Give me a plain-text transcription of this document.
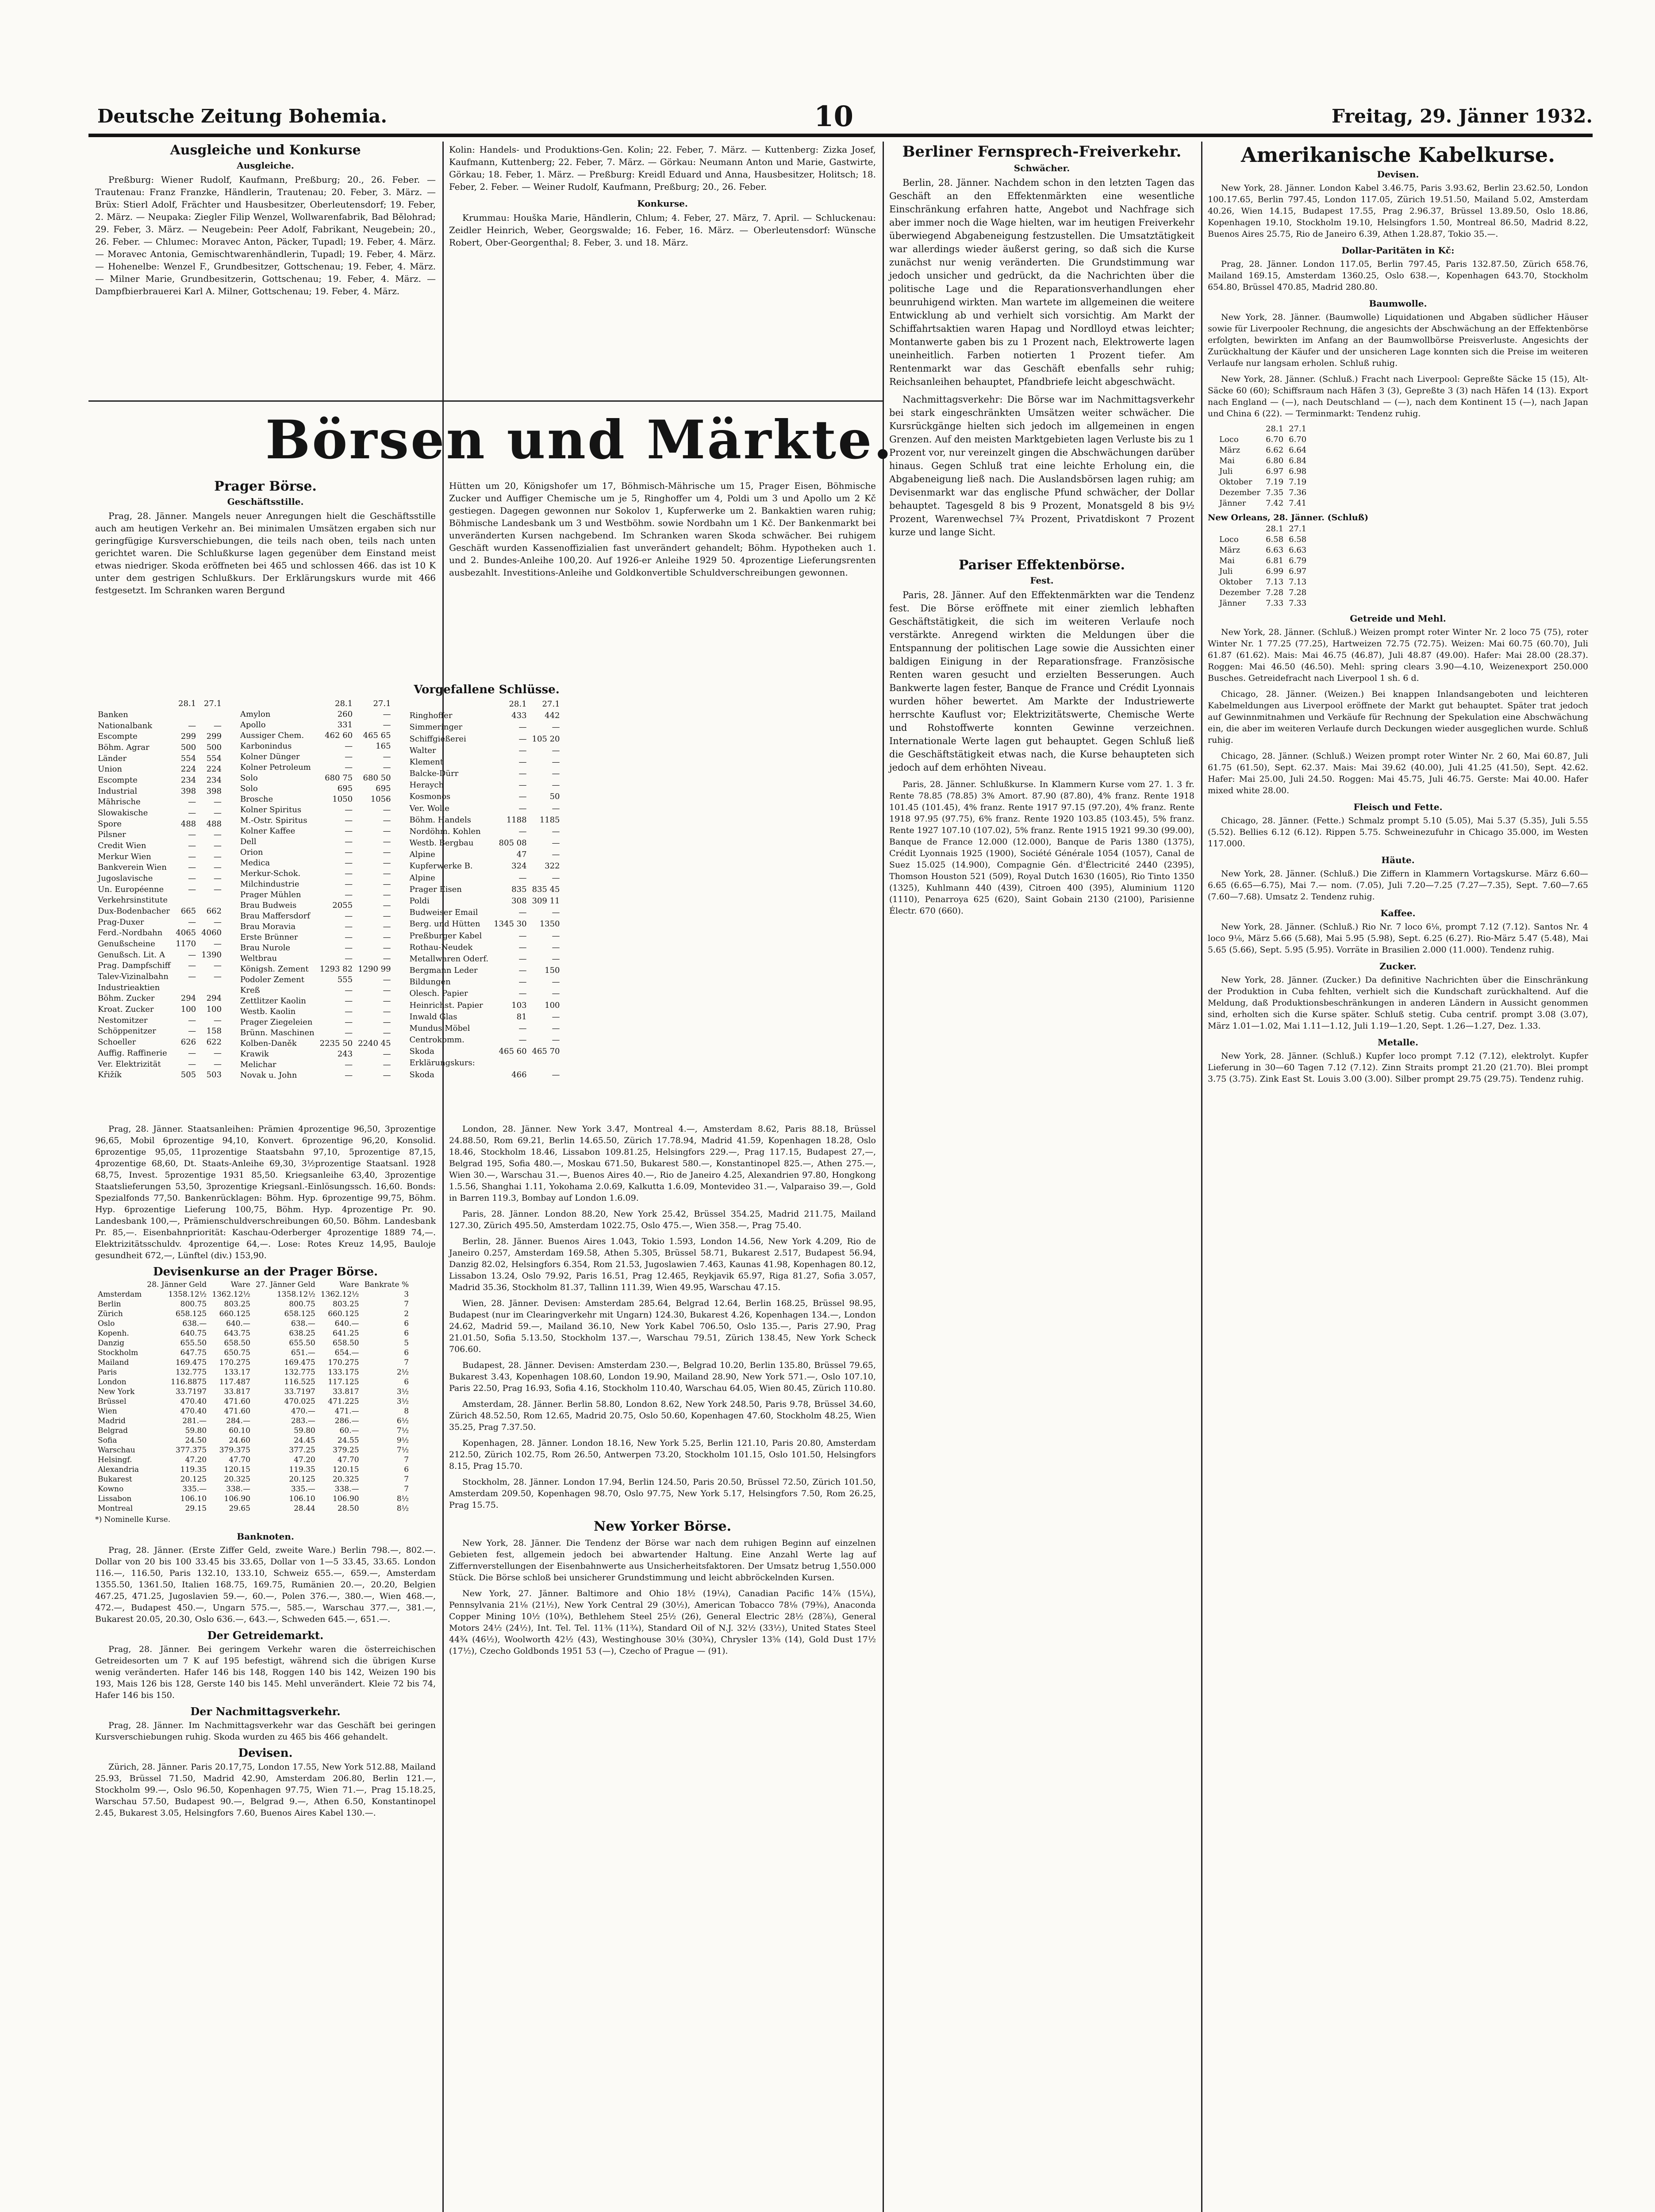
Deutsche Zeitung Bohemia.	10	Freitag, 29. Jänner 1932.
Ausgleiche und Konkurse
Ausgleiche.
Preßburg: Wiener Rudolf, Kaufmann, Preßburg; 20., 26. Feber. — Trautenau: Franz Franzke, Händlerin, Trautenau; 20. Feber, 3. März. — Brüx: Stierl Adolf, Frächter und Hausbesitzer, Oberleutensdorf; 19. Feber, 2. März. — Neupaka: Ziegler Filip Wenzel, Wollwarenfabrik, Bad Bělohrad; 29. Feber, 3. März. — Neugebein: Peer Adolf, Fabrikant, Neugebein; 20., 26. Feber. — Chlumec: Moravec Anton, Päcker, Tupadl; 19. Feber, 4. März. — Moravec Antonia, Gemischtwarenhändlerin, Tupadl; 19. Feber, 4. März. — Hohenelbe: Wenzel F., Grundbesitzer, Gottschenau; 19. Feber, 4. März. — Milner Marie, Grundbesitzerin, Gottschenau; 19. Feber, 4. März. — Dampfbierbrauerei Karl A. Milner, Gottschenau; 19. Feber, 4. März.
Kolin: Handels- und Produktions-Gen. Kolin; 22. Feber, 7. März. — Kuttenberg: Zizka Josef, Kaufmann, Kuttenberg; 22. Feber, 7. März. — Görkau: Neumann Anton und Marie, Gastwirte, Görkau; 18. Feber, 1. März. — Preßburg: Kreidl Eduard und Anna, Hausbesitzer, Holitsch; 18. Feber, 2. Feber. — Weiner Rudolf, Kaufmann, Preßburg; 20., 26. Feber.
Konkurse.
Krummau: Houška Marie, Händlerin, Chlum; 4. Feber, 27. März, 7. April. — Schluckenau: Zeidler Heinrich, Weber, Georgswalde; 16. Feber, 16. März. — Oberleutensdorf: Wünsche Robert, Ober-Georgenthal; 8. Feber, 3. und 18. März.
Börsen und Märkte.
Prager Börse.
Geschäftsstille.
Prag, 28. Jänner. Mangels neuer Anregungen hielt die Geschäftsstille auch am heutigen Verkehr an. Bei minimalen Umsätzen ergaben sich nur geringfügige Kursverschiebungen, die teils nach oben, teils nach unten gerichtet waren. Die Schlußkurse lagen gegenüber dem Einstand meist etwas niedriger. Skoda eröffneten bei 465 und schlossen 466. das ist 10 K unter dem gestrigen Schlußkurs. Der Erklärungskurs wurde mit 466 festgesetzt. Im Schranken waren Bergund
Hütten um 20, Königshofer um 17, Böhmisch-Mährische um 15, Prager Eisen, Böhmische Zucker und Auffiger Chemische um je 5, Ringhoffer um 4, Poldi um 3 und Apollo um 2 Kč gestiegen. Dagegen gewonnen nur Sokolov 1, Kupferwerke um 2. Bankaktien waren ruhig; Böhmische Landesbank um 3 und Westböhm. sowie Nordbahn um 1 Kč. Der Bankenmarkt bei unveränderten Kursen nachgebend. Im Schranken waren Skoda schwächer. Bei ruhigem Geschäft wurden Kassenoffizialien fast unverändert gehandelt; Böhm. Hypotheken auch 1. und 2. Bundes-Anleihe 100,20. Auf 1926-er Anleihe 1929 50. 4prozentige Lieferungsrenten ausbezahlt. Investitions-Anleihe und Goldkonvertible Schuldverschreibungen gewonnen.
Vorgefallene Schlüsse.
	28.1	27.1
Banken		
Nationalbank	—	—
Escompte	299	299
Böhm. Agrar	500	500
Länder	554	554
Union	224	224
Escompte	234	234
Industrial	398	398
Mährische	—	—
Slowakische	—	—
Spore	488	488
Pilsner	—	—
Credit Wien	—	—
Merkur Wien	—	—
Bankverein Wien	—	—
Jugoslavische	—	—
Un. Européenne	—	—
Verkehrsinstitute		
Dux-Bodenbacher	665	662
Prag-Duxer	—	—
Ferd.-Nordbahn	4065	4060
Genußscheine	1170	—
Genußsch. Lit. A	—	1390
Prag. Dampfschiff	—	—
Talev-Vizinalbahn	—	—
Industrieaktien		
Böhm. Zucker	294	294
Kroat. Zucker	100	100
Nestomitzer	—	—
Schöppenitzer	—	158
Schoeller	626	622
Auffig. Raffinerie	—	—
Ver. Elektrizität	—	—
Křižík	505	503
	28.1	27.1
Amylon	260	—
Apollo	331	—
Aussiger Chem.	462 60	465 65
Karbonindus	—	165
Kolner Dünger	—	—
Kolner Petroleum	—	—
Solo	680 75	680 50
Solo	695	695
Brosche	1050	1056
Kolner Spiritus	—	—
M.-Ostr. Spiritus	—	—
Kolner Kaffee	—	—
Dell	—	—
Orion	—	—
Medica	—	—
Merkur-Schok.	—	—
Milchindustrie	—	—
Prager Mühlen	—	—
Brau Budweis	2055	—
Brau Maffersdorf	—	—
Brau Moravia	—	—
Erste Brünner	—	—
Brau Nurole	—	—
Weltbrau	—	—
Königsh. Zement	1293 82	1290 99
Podoler Zement	555	—
Kreß	—	—
Zettlitzer Kaolin	—	—
Westb. Kaolin	—	—
Prager Ziegeleien	—	—
Brünn. Maschinen	—	—
Kolben-Daněk	2235 50	2240 45
Krawik	243	—
Melichar	—	—
Novak u. John	—	—
	28.1	27.1
Ringhoffer	433	442
Simmeringer	—	—
Schiffgießerei	—	105 20
Walter	—	—
Klement	—	—
Balcke-Dürr	—	—
Heraych	—	—
Kosmonos	—	50
Ver. Wolle	—	—
Böhm. Handels	1188	1185
Nordöhm. Kohlen	—	—
Westb. Bergbau	805 08	—
Alpine	47	—
Kupferwerke B.	324	322
Alpine	—	—
Prager Eisen	835	835 45
Poldi	308	309 11
Budweiser Email	—	—
Berg. und Hütten	1345 30	1350
Preßburger Kabel	—	—
Rothau-Neudek	—	—
Metallwaren Oderf.	—	—
Bergmann Leder	—	150
Bildungen	—	—
Olesch. Papier	—	—
Heinrichst. Papier	103	100
Inwald Glas	81	—
Mundus Möbel	—	—
Centrokomm.	—	—
Skoda	465 60	465 70
Erklärungskurs:		
Skoda	466	—
Prag, 28. Jänner. Staatsanleihen: Prämien 4prozentige 96,50, 3prozentige 96,65, Mobil 6prozentige 94,10, Konvert. 6prozentige 96,20, Konsolid. 6prozentige 95,05, 11prozentige Staatsbahn 97,10, 5prozentige 87,15, 4prozentige 68,60, Dt. Staats-Anleihe 69,30, 3½prozentige Staatsanl. 1928 68,75, Invest. 5prozentige 1931 85,50. Kriegsanleihe 63,40, 3prozentige Staatslieferungen 53,50, 3prozentige Kriegsanl.-Einlösungssch. 16,60. Bonds: Spezialfonds 77,50. Bankenrücklagen: Böhm. Hyp. 6prozentige 99,75, Böhm. Hyp. 6prozentige Lieferung 100,75, Böhm. Hyp. 4prozentige Pr. 90. Landesbank 100,—, Prämienschuldverschreibungen 60,50. Böhm. Landesbank Pr. 85,—. Eisenbahnpriorität: Kaschau-Oderberger 4prozentige 1889 74,—. Elektrizitätsschuldv. 4prozentige 64,—. Lose: Rotes Kreuz 14,95, Bauloje gesundheit 672,—, Lünftel (div.) 153,90.
Devisenkurse an der Prager Börse.
	28. Jänner Geld	Ware	27. Jänner Geld	Ware	Bankrate %
Amsterdam	1358.12½	1362.12½	1358.12½	1362.12½	3
Berlin	800.75	803.25	800.75	803.25	7
Zürich	658.125	660.125	658.125	660.125	2
Oslo	638.—	640.—	638.—	640.—	6
Kopenh.	640.75	643.75	638.25	641.25	6
Danzig	655.50	658.50	655.50	658.50	5
Stockholm	647.75	650.75	651.—	654.—	6
Mailand	169.475	170.275	169.475	170.275	7
Paris	132.775	133.17	132.775	133.175	2½
London	116.8875	117.487	116.525	117.125	6
New York	33.7197	33.817	33.7197	33.817	3½
Brüssel	470.40	471.60	470.025	471.225	3½
Wien	470.40	471.60	470.—	471.—	8
Madrid	281.—	284.—	283.—	286.—	6½
Belgrad	59.80	60.10	59.80	60.—	7½
Sofia	24.50	24.60	24.45	24.55	9½
Warschau	377.375	379.375	377.25	379.25	7½
Helsingf.	47.20	47.70	47.20	47.70	7
Alexandria	119.35	120.15	119.35	120.15	6
Bukarest	20.125	20.325	20.125	20.325	7
Kowno	335.—	338.—	335.—	338.—	7
Lissabon	106.10	106.90	106.10	106.90	8½
Montreal	29.15	29.65	28.44	28.50	8½
*) Nominelle Kurse.
Banknoten.
Prag, 28. Jänner. (Erste Ziffer Geld, zweite Ware.) Berlin 798.—, 802.—. Dollar von 20 bis 100 33.45 bis 33.65, Dollar von 1—5 33.45, 33.65. London 116.—, 116.50, Paris 132.10, 133.10, Schweiz 655.—, 659.—, Amsterdam 1355.50, 1361.50, Italien 168.75, 169.75, Rumänien 20.—, 20.20, Belgien 467.25, 471.25, Jugoslavien 59.—, 60.—, Polen 376.—, 380.—, Wien 468.—, 472.—, Budapest 450.—, Ungarn 575.—, 585.—, Warschau 377.—, 381.—, Bukarest 20.05, 20.30, Oslo 636.—, 643.—, Schweden 645.—, 651.—.
Der Getreidemarkt.
Prag, 28. Jänner. Bei geringem Verkehr waren die österreichischen Getreidesorten um 7 K auf 195 befestigt, während sich die übrigen Kurse wenig veränderten. Hafer 146 bis 148, Roggen 140 bis 142, Weizen 190 bis 193, Mais 126 bis 128, Gerste 140 bis 145. Mehl unverändert. Kleie 72 bis 74, Hafer 146 bis 150.
Der Nachmittagsverkehr.
Prag, 28. Jänner. Im Nachmittagsverkehr war das Geschäft bei geringen Kursverschiebungen ruhig. Skoda wurden zu 465 bis 466 gehandelt.
Devisen.
Zürich, 28. Jänner. Paris 20.17,75, London 17.55, New York 512.88, Mailand 25.93, Brüssel 71.50, Madrid 42.90, Amsterdam 206.80, Berlin 121.—, Stockholm 99.—, Oslo 96.50, Kopenhagen 97.75, Wien 71.—, Prag 15.18.25, Warschau 57.50, Budapest 90.—, Belgrad 9.—, Athen 6.50, Konstantinopel 2.45, Bukarest 3.05, Helsingfors 7.60, Buenos Aires Kabel 130.—.
London, 28. Jänner. New York 3.47, Montreal 4.—, Amsterdam 8.62, Paris 88.18, Brüssel 24.88.50, Rom 69.21, Berlin 14.65.50, Zürich 17.78.94, Madrid 41.59, Kopenhagen 18.28, Oslo 18.46, Stockholm 18.46, Lissabon 109.81.25, Helsingfors 229.—, Prag 117.15, Budapest 27,—, Belgrad 195, Sofia 480.—, Moskau 671.50, Bukarest 580.—, Konstantinopel 825.—, Athen 275.—, Wien 30.—, Warschau 31.—, Buenos Aires 40.—, Rio de Janeiro 4.25, Alexandrien 97.80, Hongkong 1.5.56, Shanghai 1.11, Yokohama 2.0.69, Kalkutta 1.6.09, Montevideo 31.—, Valparaiso 39.—, Gold in Barren 119.3, Bombay auf London 1.6.09.
Paris, 28. Jänner. London 88.20, New York 25.42, Brüssel 354.25, Madrid 211.75, Mailand 127.30, Zürich 495.50, Amsterdam 1022.75, Oslo 475.—, Wien 358.—, Prag 75.40.
Berlin, 28. Jänner. Buenos Aires 1.043, Tokio 1.593, London 14.56, New York 4.209, Rio de Janeiro 0.257, Amsterdam 169.58, Athen 5.305, Brüssel 58.71, Bukarest 2.517, Budapest 56.94, Danzig 82.02, Helsingfors 6.354, Rom 21.53, Jugoslawien 7.463, Kaunas 41.98, Kopenhagen 80.12, Lissabon 13.24, Oslo 79.92, Paris 16.51, Prag 12.465, Reykjavik 65.97, Riga 81.27, Sofia 3.057, Madrid 35.36, Stockholm 81.37, Tallinn 111.39, Wien 49.95, Warschau 47.15.
Wien, 28. Jänner. Devisen: Amsterdam 285.64, Belgrad 12.64, Berlin 168.25, Brüssel 98.95, Budapest (nur im Clearingverkehr mit Ungarn) 124.30, Bukarest 4.26, Kopenhagen 134.—, London 24.62, Madrid 59.—, Mailand 36.10, New York Kabel 706.50, Oslo 135.—, Paris 27.90, Prag 21.01.50, Sofia 5.13.50, Stockholm 137.—, Warschau 79.51, Zürich 138.45, New York Scheck 706.60.
Budapest, 28. Jänner. Devisen: Amsterdam 230.—, Belgrad 10.20, Berlin 135.80, Brüssel 79.65, Bukarest 3.43, Kopenhagen 108.60, London 19.90, Mailand 28.90, New York 571.—, Oslo 107.10, Paris 22.50, Prag 16.93, Sofia 4.16, Stockholm 110.40, Warschau 64.05, Wien 80.45, Zürich 110.80.
Amsterdam, 28. Jänner. Berlin 58.80, London 8.62, New York 248.50, Paris 9.78, Brüssel 34.60, Zürich 48.52.50, Rom 12.65, Madrid 20.75, Oslo 50.60, Kopenhagen 47.60, Stockholm 48.25, Wien 35.25, Prag 7.37.50.
Kopenhagen, 28. Jänner. London 18.16, New York 5.25, Berlin 121.10, Paris 20.80, Amsterdam 212.50, Zürich 102.75, Rom 26.50, Antwerpen 73.20, Stockholm 101.15, Oslo 101.50, Helsingfors 8.15, Prag 15.70.
Stockholm, 28. Jänner. London 17.94, Berlin 124.50, Paris 20.50, Brüssel 72.50, Zürich 101.50, Amsterdam 209.50, Kopenhagen 98.70, Oslo 97.75, New York 5.17, Helsingfors 7.50, Rom 26.25, Prag 15.75.
New Yorker Börse.
New York, 28. Jänner. Die Tendenz der Börse war nach dem ruhigen Beginn auf einzelnen Gebieten fest, allgemein jedoch bei abwartender Haltung. Eine Anzahl Werte lag auf Ziffernverstellungen der Eisenbahnwerte aus Unsicherheitsfaktoren. Der Umsatz betrug 1,550.000 Stück. Die Börse schloß bei unsicherer Grundstimmung und leicht abbröckelnden Kursen.
New York, 27. Jänner. Baltimore and Ohio 18½ (19¼), Canadian Pacific 14⅞ (15¼), Pennsylvania 21⅛ (21½), New York Central 29 (30½), American Tobacco 78⅛ (79⅜), Anaconda Copper Mining 10½ (10¾), Bethlehem Steel 25½ (26), General Electric 28½ (28⅞), General Motors 24½ (24½), Int. Tel. Tel. 11⅜ (11¾), Standard Oil of N.J. 32½ (33½), United States Steel 44¾ (46½), Woolworth 42½ (43), Westinghouse 30⅛ (30¾), Chrysler 13⅝ (14), Gold Dust 17½ (17½), Czecho Goldbonds 1951 53 (—), Czecho of Prague — (91).
Berliner Fernsprech-Freiverkehr.
Schwächer.
Berlin, 28. Jänner. Nachdem schon in den letzten Tagen das Geschäft an den Effektenmärkten eine wesentliche Einschränkung erfahren hatte, Angebot und Nachfrage sich aber immer noch die Wage hielten, war im heutigen Freiverkehr überwiegend Abgabeneigung festzustellen. Die Umsatztätigkeit war allerdings wieder äußerst gering, so daß sich die Kurse zunächst nur wenig veränderten. Die Grundstimmung war jedoch unsicher und gedrückt, da die Nachrichten über die politische Lage und die Reparationsverhandlungen eher beunruhigend wirkten. Man wartete im allgemeinen die weitere Entwicklung ab und verhielt sich vorsichtig. Am Markt der Schiffahrtsaktien waren Hapag und Nordlloyd etwas leichter; Montanwerte gaben bis zu 1 Prozent nach, Elektrowerte lagen uneinheitlich. Farben notierten 1 Prozent tiefer. Am Rentenmarkt war das Geschäft ebenfalls sehr ruhig; Reichsanleihen behauptet, Pfandbriefe leicht abgeschwächt.
Nachmittagsverkehr: Die Börse war im Nachmittagsverkehr bei stark eingeschränkten Umsätzen weiter schwächer. Die Kursrückgänge hielten sich jedoch im allgemeinen in engen Grenzen. Auf den meisten Marktgebieten lagen Verluste bis zu 1 Prozent vor, nur vereinzelt gingen die Abschwächungen darüber hinaus. Gegen Schluß trat eine leichte Erholung ein, die Abgabeneigung ließ nach. Die Auslandsbörsen lagen ruhig; am Devisenmarkt war das englische Pfund schwächer, der Dollar behauptet. Tagesgeld 8 bis 9 Prozent, Monatsgeld 8 bis 9½ Prozent, Warenwechsel 7¾ Prozent, Privatdiskont 7 Prozent kurze und lange Sicht.
Pariser Effektenbörse.
Fest.
Paris, 28. Jänner. Auf den Effektenmärkten war die Tendenz fest. Die Börse eröffnete mit einer ziemlich lebhaften Geschäftstätigkeit, die sich im weiteren Verlaufe noch verstärkte. Anregend wirkten die Meldungen über die Entspannung der politischen Lage sowie die Aussichten einer baldigen Einigung in der Reparationsfrage. Französische Renten waren gesucht und erzielten Besserungen. Auch Bankwerte lagen fester, Banque de France und Crédit Lyonnais wurden höher bewertet. Am Markte der Industriewerte herrschte Kauflust vor; Elektrizitätswerte, Chemische Werte und Rohstoffwerte konnten Gewinne verzeichnen. Internationale Werte lagen gut behauptet. Gegen Schluß ließ die Geschäftstätigkeit etwas nach, die Kurse behaupteten sich jedoch auf dem erhöhten Niveau.
Paris, 28. Jänner. Schlußkurse. In Klammern Kurse vom 27. 1. 3 fr. Rente 78.85 (78.85) 3% Amort. 87.90 (87.80), 4% franz. Rente 1918 101.45 (101.45), 4% franz. Rente 1917 97.15 (97.20), 4% franz. Rente 1918 97.95 (97.75), 6% franz. Rente 1920 103.85 (103.45), 5% franz. Rente 1927 107.10 (107.02), 5% franz. Rente 1915 1921 99.30 (99.00), Banque de France 12.000 (12.000), Banque de Paris 1380 (1375), Crédit Lyonnais 1925 (1900), Société Générale 1054 (1057), Canal de Suez 15.025 (14.900), Compagnie Gén. d'Électricité 2440 (2395), Thomson Houston 521 (509), Royal Dutch 1630 (1605), Rio Tinto 1350 (1325), Kuhlmann 440 (439), Citroen 400 (395), Aluminium 1120 (1110), Penarroya 625 (620), Saint Gobain 2130 (2100), Parisienne Électr. 670 (660).
Amerikanische Kabelkurse.
Devisen.
New York, 28. Jänner. London Kabel 3.46.75, Paris 3.93.62, Berlin 23.62.50, London 100.17.65, Berlin 797.45, London 117.05, Zürich 19.51.50, Mailand 5.02, Amsterdam 40.26, Wien 14.15, Budapest 17.55, Prag 2.96.37, Brüssel 13.89.50, Oslo 18.86, Kopenhagen 19.10, Stockholm 19.10, Helsingfors 1.50, Montreal 86.50, Madrid 8.22, Buenos Aires 25.75, Rio de Janeiro 6.39, Athen 1.28.87, Tokio 35.—.
Dollar-Paritäten in Kč:
Prag, 28. Jänner. London 117.05, Berlin 797.45, Paris 132.87.50, Zürich 658.76, Mailand 169.15, Amsterdam 1360.25, Oslo 638.—, Kopenhagen 643.70, Stockholm 654.80, Brüssel 470.85, Madrid 280.80.
Baumwolle.
New York, 28. Jänner. (Baumwolle) Liquidationen und Abgaben südlicher Häuser sowie für Liverpooler Rechnung, die angesichts der Abschwächung an der Effektenbörse erfolgten, bewirkten im Anfang an der Baumwollbörse Preisverluste. Angesichts der Zurückhaltung der Käufer und der unsicheren Lage konnten sich die Preise im weiteren Verlaufe nur langsam erholen. Schluß ruhig.
New York, 28. Jänner. (Schluß.) Fracht nach Liverpool: Gepreßte Säcke 15 (15), Alt-Säcke 60 (60); Schiffsraum nach Häfen 3 (3), Gepreßte 3 (3) nach Häfen 14 (13). Export nach England — (—), nach Deutschland — (—), nach dem Kontinent 15 (—), nach Japan und China 6 (22). — Terminmarkt: Tendenz ruhig.
	28.1	27.1
Loco	6.70	6.70
März	6.62	6.64
Mai	6.80	6.84
Juli	6.97	6.98
Oktober	7.19	7.19
Dezember	7.35	7.36
Jänner	7.42	7.41
New Orleans, 28. Jänner. (Schluß)
	28.1	27.1
Loco	6.58	6.58
März	6.63	6.63
Mai	6.81	6.79
Juli	6.99	6.97
Oktober	7.13	7.13
Dezember	7.28	7.28
Jänner	7.33	7.33
Getreide und Mehl.
New York, 28. Jänner. (Schluß.) Weizen prompt roter Winter Nr. 2 loco 75 (75), roter Winter Nr. 1 77.25 (77.25), Hartweizen 72.75 (72.75). Weizen: Mai 60.75 (60.70), Juli 61.87 (61.62). Mais: Mai 46.75 (46.87), Juli 48.87 (49.00). Hafer: Mai 28.00 (28.37). Roggen: Mai 46.50 (46.50). Mehl: spring clears 3.90—4.10, Weizenexport 250.000 Busches. Getreidefracht nach Liverpool 1 sh. 6 d.
Chicago, 28. Jänner. (Weizen.) Bei knappen Inlandsangeboten und leichteren Kabelmeldungen aus Liverpool eröffnete der Markt gut behauptet. Später trat jedoch auf Gewinnmitnahmen und Verkäufe für Rechnung der Spekulation eine Abschwächung ein, die aber im weiteren Verlaufe durch Deckungen wieder ausgeglichen wurde. Schluß ruhig.
Chicago, 28. Jänner. (Schluß.) Weizen prompt roter Winter Nr. 2 60, Mai 60.87, Juli 61.75 (61.50), Sept. 62.37. Mais: Mai 39.62 (40.00), Juli 41.25 (41.50), Sept. 42.62. Hafer: Mai 25.00, Juli 24.50. Roggen: Mai 45.75, Juli 46.75. Gerste: Mai 40.00. Hafer mixed white 28.00.
Fleisch und Fette.
Chicago, 28. Jänner. (Fette.) Schmalz prompt 5.10 (5.05), Mai 5.37 (5.35), Juli 5.55 (5.52). Bellies 6.12 (6.12). Rippen 5.75. Schweinezufuhr in Chicago 35.000, im Westen 117.000.
Häute.
New York, 28. Jänner. (Schluß.) Die Ziffern in Klammern Vortagskurse. März 6.60—6.65 (6.65—6.75), Mai 7.— nom. (7.05), Juli 7.20—7.25 (7.27—7.35), Sept. 7.60—7.65 (7.60—7.68). Umsatz 2. Tendenz ruhig.
Kaffee.
New York, 28. Jänner. (Schluß.) Rio Nr. 7 loco 6⅛, prompt 7.12 (7.12). Santos Nr. 4 loco 9⅛, März 5.66 (5.68), Mai 5.95 (5.98), Sept. 6.25 (6.27). Rio-März 5.47 (5.48), Mai 5.65 (5.66), Sept. 5.95 (5.95). Vorräte in Brasilien 2.000 (11.000). Tendenz ruhig.
Zucker.
New York, 28. Jänner. (Zucker.) Da definitive Nachrichten über die Einschränkung der Produktion in Cuba fehlten, verhielt sich die Kundschaft zurückhaltend. Auf die Meldung, daß Produktionsbeschränkungen in anderen Ländern in Aussicht genommen sind, erholten sich die Kurse später. Schluß stetig. Cuba centrif. prompt 3.08 (3.07), März 1.01—1.02, Mai 1.11—1.12, Juli 1.19—1.20, Sept. 1.26—1.27, Dez. 1.33.
Metalle.
New York, 28. Jänner. (Schluß.) Kupfer loco prompt 7.12 (7.12), elektrolyt. Kupfer Lieferung in 30—60 Tagen 7.12 (7.12). Zinn Straits prompt 21.20 (21.70). Blei prompt 3.75 (3.75). Zink East St. Louis 3.00 (3.00). Silber prompt 29.75 (29.75). Tendenz ruhig.
